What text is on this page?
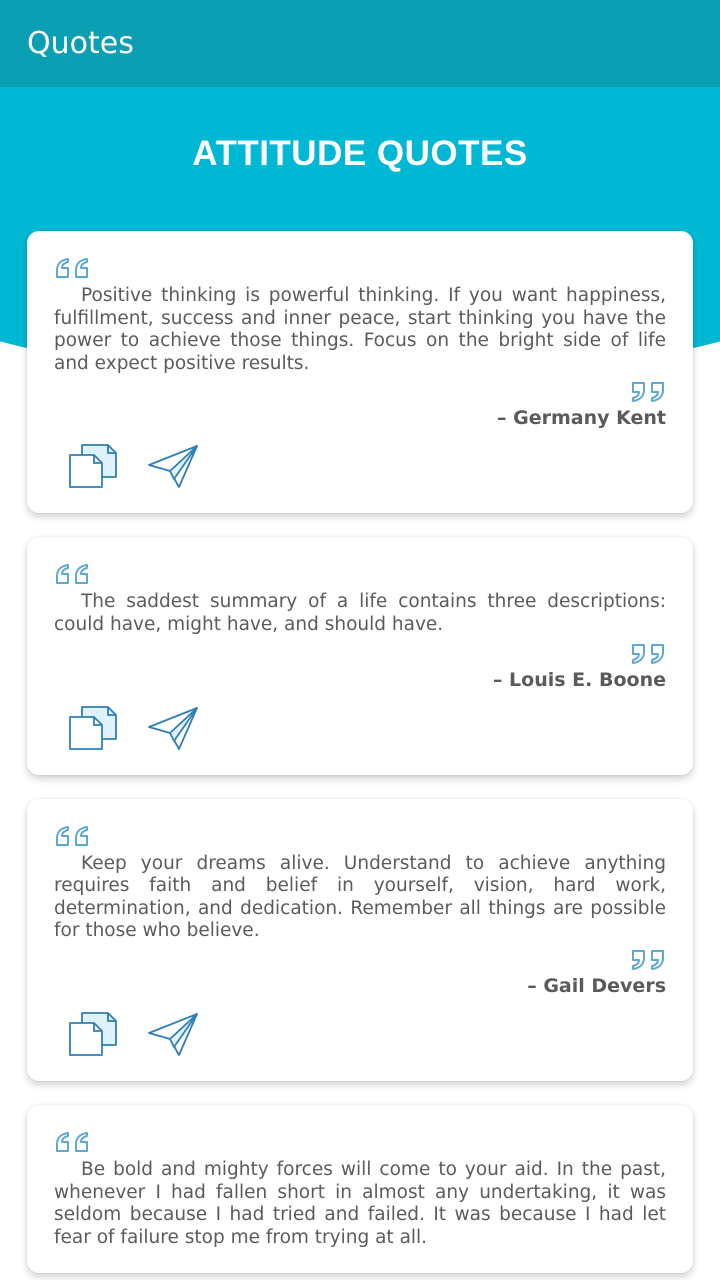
Quotes
ATTITUDE QUOTES

Positive thinking is powerful thinking. If you want happiness, fulfillment, success and inner peace, start thinking you have the power to achieve those things. Focus on the bright side of life and expect positive results.

– Germany Kent

The saddest summary of a life contains three descriptions: could have, might have, and should have.

– Louis E. Boone

Keep your dreams alive. Understand to achieve anything requires faith and belief in yourself, vision, hard work, determination, and dedication. Remember all things are possible for those who believe.

– Gail Devers

Be bold and mighty forces will come to your aid. In the past, whenever I had fallen short in almost any undertaking, it was seldom because I had tried and failed. It was because I had let fear of failure stop me from trying at all.
